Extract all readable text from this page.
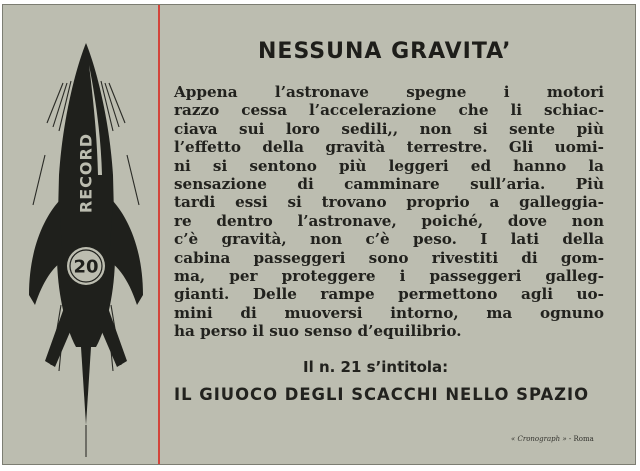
RECORD
20
NESSUNA GRAVITA’
Appena l’astronave spegne i motori
razzo cessa l’accelerazione che li schiac-
ciava sui loro sedili,, non si sente più
l’effetto della gravità terrestre. Gli uomi-
ni si sentono più leggeri ed hanno la
sensazione di camminare sull’aria. Più
tardi essi si trovano proprio a galleggia-
re dentro l’astronave, poiché, dove non
c’è gravità, non c’è peso. I lati della
cabina passeggeri sono rivestiti di gom-
ma, per proteggere i passeggeri galleg-
gianti. Delle rampe permettono agli uo-
mini di muoversi intorno, ma ognuno
ha perso il suo senso d’equilibrio.
Il n. 21 s’intitola:
IL GIUOCO DEGLI SCACCHI NELLO SPAZIO
« Cronograph » - Roma
